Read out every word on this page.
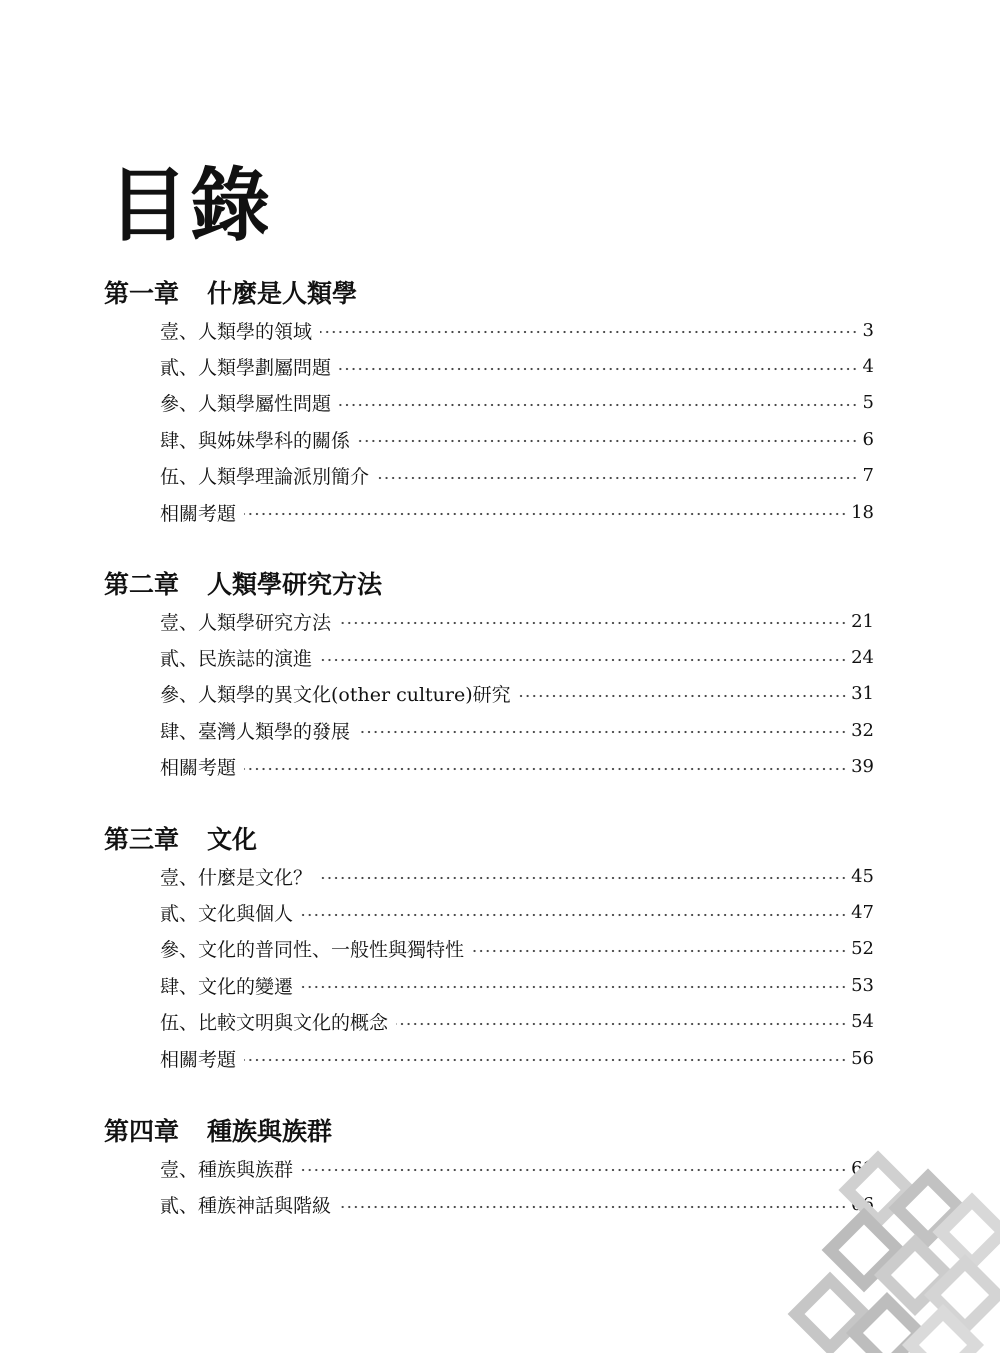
目錄
第一章 什麼是人類學
壹、人類學的領域	3
貳、人類學劃屬問題	4
參、人類學屬性問題	5
肆、與姊妹學科的關係	6
伍、人類學理論派別簡介	7
相關考題	18
第二章 人類學研究方法
壹、人類學研究方法	21
貳、民族誌的演進	24
參、人類學的異文化(other culture)研究	31
肆、臺灣人類學的發展	32
相關考題	39
第三章 文化
壹、什麼是文化？	45
貳、文化與個人	47
參、文化的普同性、一般性與獨特性	52
肆、文化的變遷	53
伍、比較文明與文化的概念	54
相關考題	56
第四章 種族與族群
壹、種族與族群	61
貳、種族神話與階級	66
